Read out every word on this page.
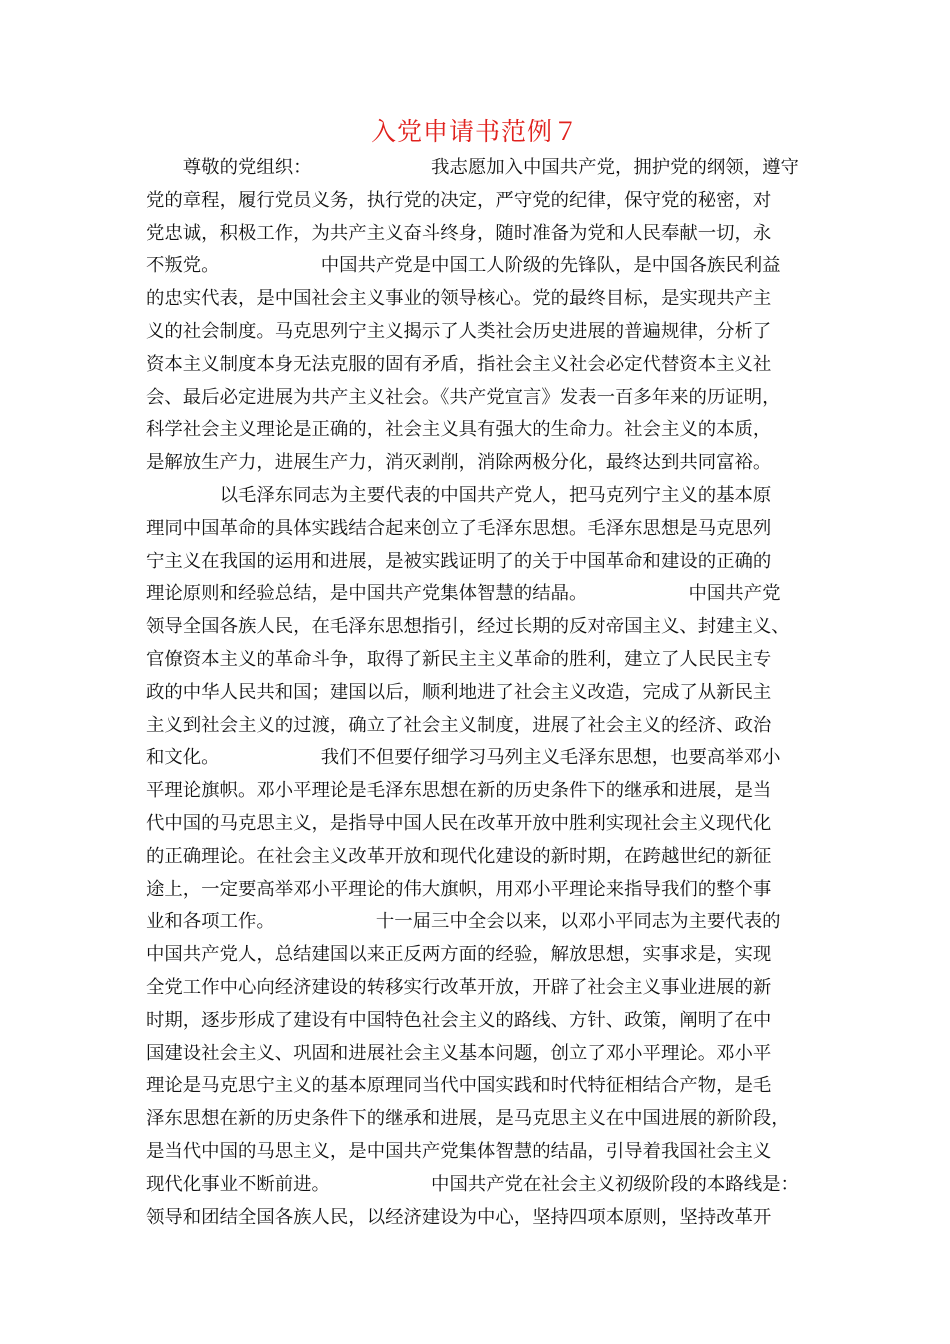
入党申请书范例７
　　尊敬的党组织：　　　　　　　我志愿加入中国共产党，拥护党的纲领，遵守
党的章程，履行党员义务，执行党的决定，严守党的纪律，保守党的秘密，对
党忠诚，积极工作，为共产主义奋斗终身，随时准备为党和人民奉献一切，永
不叛党。　　　　　　中国共产党是中国工人阶级的先锋队，是中国各族民利益
的忠实代表，是中国社会主义事业的领导核心。党的最终目标，是实现共产主
义的社会制度。马克思列宁主义揭示了人类社会历史进展的普遍规律，分析了
资本主义制度本身无法克服的固有矛盾，指社会主义社会必定代替资本主义社
会、最后必定进展为共产主义社会。《共产党宣言》发表一百多年来的历证明，
科学社会主义理论是正确的，社会主义具有强大的生命力。社会主义的本质，
是解放生产力，进展生产力，消灭剥削，消除两极分化，最终达到共同富裕。
　　　　以毛泽东同志为主要代表的中国共产党人，把马克列宁主义的基本原
理同中国革命的具体实践结合起来创立了毛泽东思想。毛泽东思想是马克思列
宁主义在我国的运用和进展，是被实践证明了的关于中国革命和建设的正确的
理论原则和经验总结，是中国共产党集体智慧的结晶。　　　　　　中国共产党
领导全国各族人民，在毛泽东思想指引，经过长期的反对帝国主义、封建主义、
官僚资本主义的革命斗争，取得了新民主主义革命的胜利，建立了人民民主专
政的中华人民共和国；建国以后，顺利地进了社会主义改造，完成了从新民主
主义到社会主义的过渡，确立了社会主义制度，进展了社会主义的经济、政治
和文化。　　　　　　我们不但要仔细学习马列主义毛泽东思想，也要高举邓小
平理论旗帜。邓小平理论是毛泽东思想在新的历史条件下的继承和进展，是当
代中国的马克思主义，是指导中国人民在改革开放中胜利实现社会主义现代化
的正确理论。在社会主义改革开放和现代化建设的新时期，在跨越世纪的新征
途上，一定要高举邓小平理论的伟大旗帜，用邓小平理论来指导我们的整个事
业和各项工作。　　　　　　十一届三中全会以来，以邓小平同志为主要代表的
中国共产党人，总结建国以来正反两方面的经验，解放思想，实事求是，实现
全党工作中心向经济建设的转移实行改革开放，开辟了社会主义事业进展的新
时期，逐步形成了建设有中国特色社会主义的路线、方针、政策，阐明了在中
国建设社会主义、巩固和进展社会主义基本问题，创立了邓小平理论。邓小平
理论是马克思宁主义的基本原理同当代中国实践和时代特征相结合产物，是毛
泽东思想在新的历史条件下的继承和进展，是马克思主义在中国进展的新阶段，
是当代中国的马思主义，是中国共产党集体智慧的结晶，引导着我国社会主义
现代化事业不断前进。　　　　　　中国共产党在社会主义初级阶段的本路线是：
领导和团结全国各族人民，以经济建设为中心，坚持四项本原则，坚持改革开
